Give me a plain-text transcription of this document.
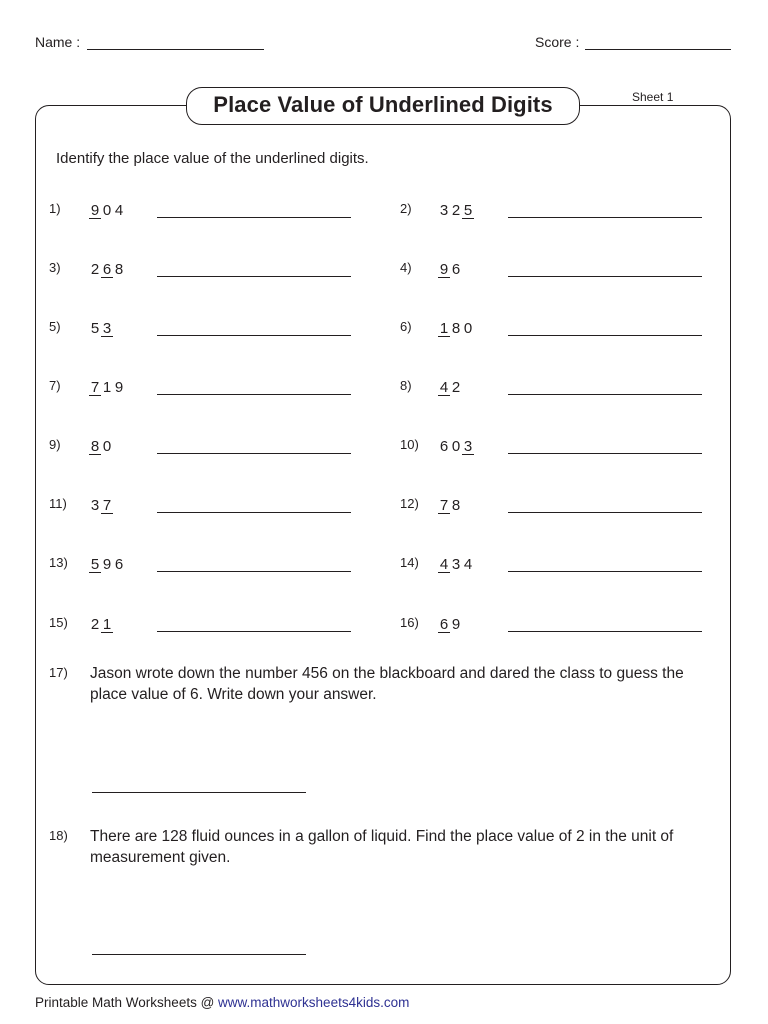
Name :	Score :
Place Value of Underlined Digits	Sheet 1
Identify the place value of the underlined digits.
1) 9 0 4	2) 3 2 5
3) 2 6 8	4) 9 6
5) 5 3	6) 1 8 0
7) 7 1 9	8) 4 2
9) 8 0	10) 6 0 3
11) 3 7	12) 7 8
13) 5 9 6	14) 4 3 4
15) 2 1	16) 6 9
17) Jason wrote down the number 456 on the blackboard and dared the class to guess the place value of 6. Write down your answer.
18) There are 128 fluid ounces in a gallon of liquid. Find the place value of 2 in the unit of measurement given.
Printable Math Worksheets @ www.mathworksheets4kids.com
